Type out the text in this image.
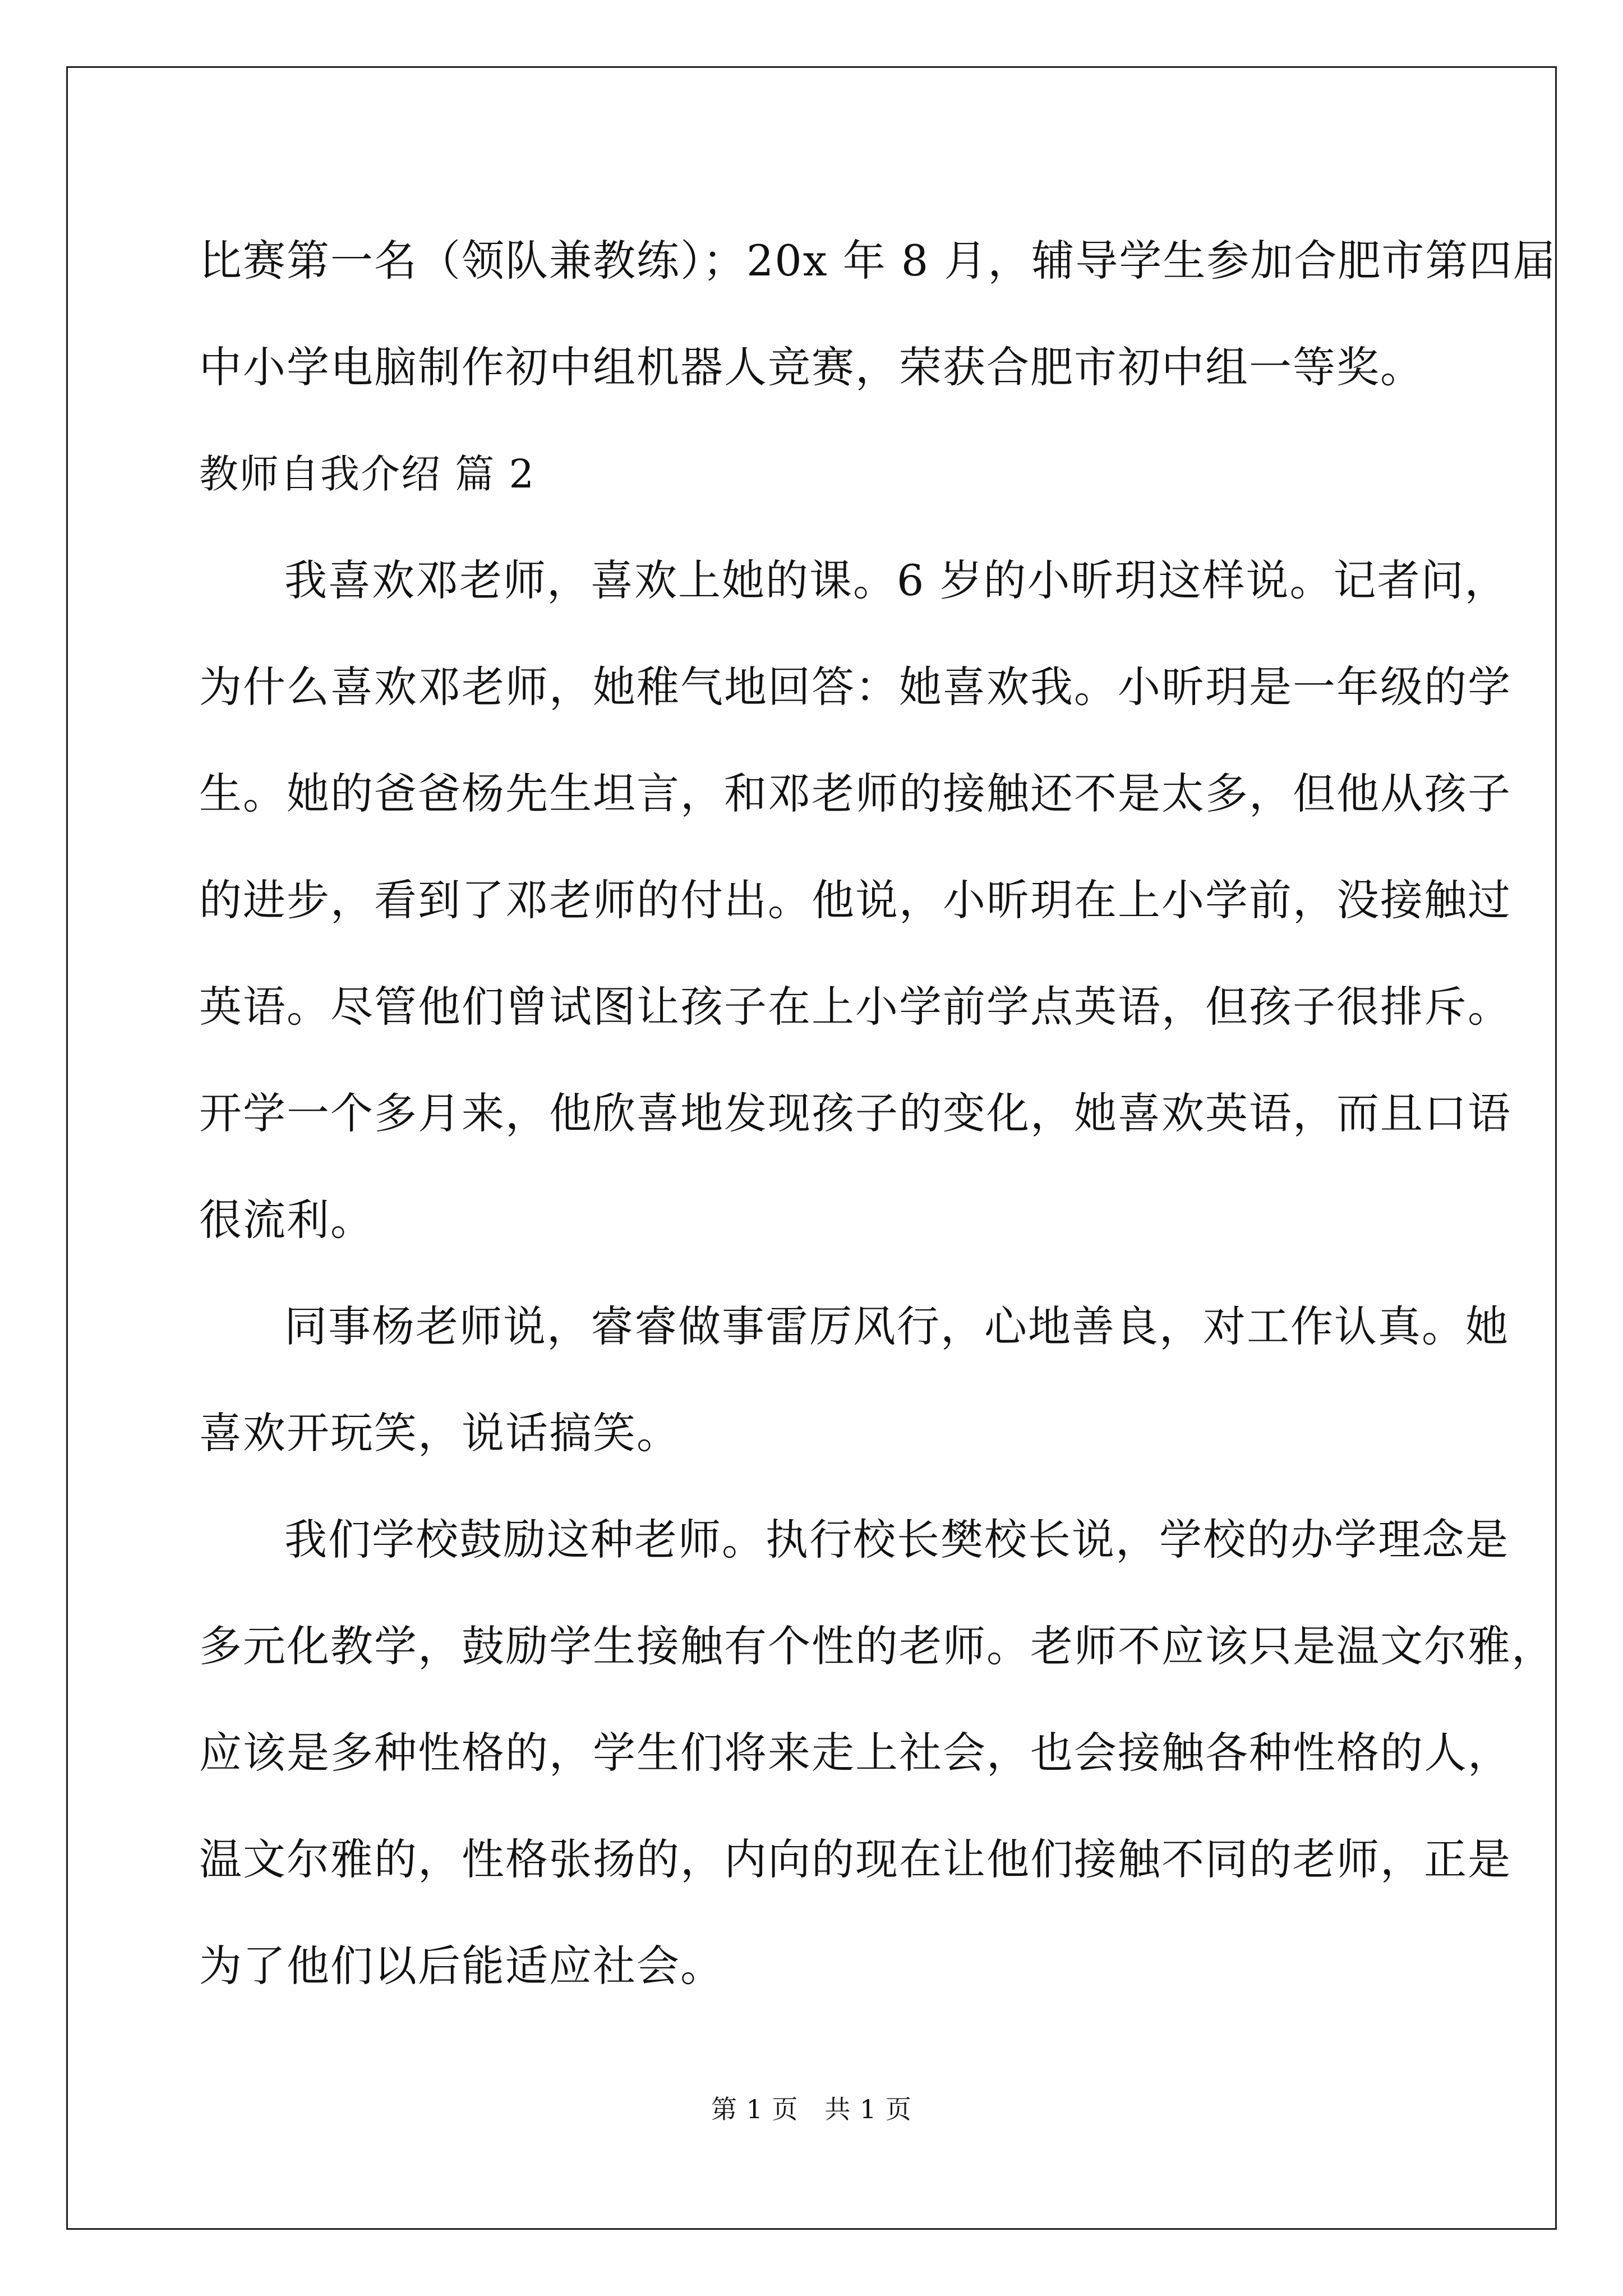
比赛第一名（领队兼教练）；20x 年 8 月，辅导学生参加合肥市第四届
中小学电脑制作初中组机器人竞赛，荣获合肥市初中组一等奖。
教师自我介绍 篇 2
我喜欢邓老师，喜欢上她的课。6 岁的小昕玥这样说。记者问，
为什么喜欢邓老师，她稚气地回答：她喜欢我。小昕玥是一年级的学
生。她的爸爸杨先生坦言，和邓老师的接触还不是太多，但他从孩子
的进步，看到了邓老师的付出。他说，小昕玥在上小学前，没接触过
英语。尽管他们曾试图让孩子在上小学前学点英语，但孩子很排斥。
开学一个多月来，他欣喜地发现孩子的变化，她喜欢英语，而且口语
很流利。
同事杨老师说，睿睿做事雷厉风行，心地善良，对工作认真。她
喜欢开玩笑，说话搞笑。
我们学校鼓励这种老师。执行校长樊校长说，学校的办学理念是
多元化教学，鼓励学生接触有个性的老师。老师不应该只是温文尔雅，
应该是多种性格的，学生们将来走上社会，也会接触各种性格的人，
温文尔雅的，性格张扬的，内向的现在让他们接触不同的老师，正是
为了他们以后能适应社会。
第 1 页   共 1 页
